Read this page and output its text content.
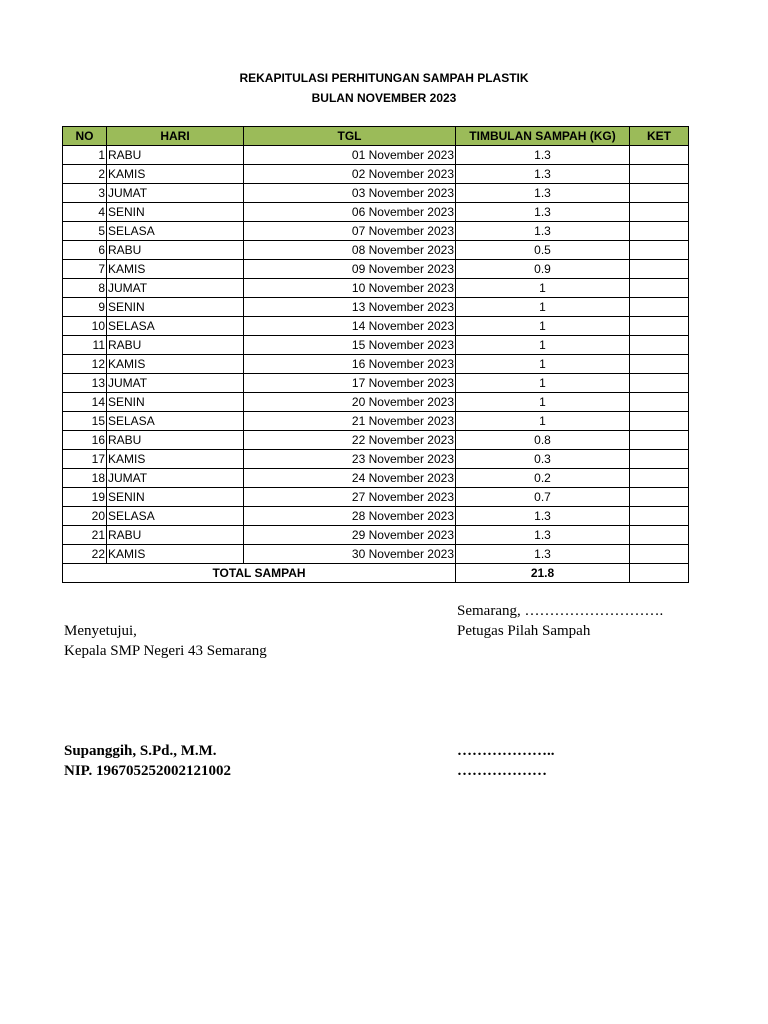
REKAPITULASI PERHITUNGAN SAMPAH PLASTIK
BULAN NOVEMBER 2023
NO	HARI	TGL	TIMBULAN SAMPAH (KG)	KET
1	RABU	01 November 2023	1.3	
2	KAMIS	02 November 2023	1.3	
3	JUMAT	03 November 2023	1.3	
4	SENIN	06 November 2023	1.3	
5	SELASA	07 November 2023	1.3	
6	RABU	08 November 2023	0.5	
7	KAMIS	09 November 2023	0.9	
8	JUMAT	10 November 2023	1	
9	SENIN	13 November 2023	1	
10	SELASA	14 November 2023	1	
11	RABU	15 November 2023	1	
12	KAMIS	16 November 2023	1	
13	JUMAT	17 November 2023	1	
14	SENIN	20 November 2023	1	
15	SELASA	21 November 2023	1	
16	RABU	22 November 2023	0.8	
17	KAMIS	23 November 2023	0.3	
18	JUMAT	24 November 2023	0.2	
19	SENIN	27 November 2023	0.7	
20	SELASA	28 November 2023	1.3	
21	RABU	29 November 2023	1.3	
22	KAMIS	30 November 2023	1.3	
TOTAL SAMPAH			21.8	
Semarang, ……………………….
Menyetujui,	Petugas Pilah Sampah
Kepala SMP Negeri 43 Semarang
Supanggih, S.Pd., M.M.	………………..
NIP. 196705252002121002	………………
